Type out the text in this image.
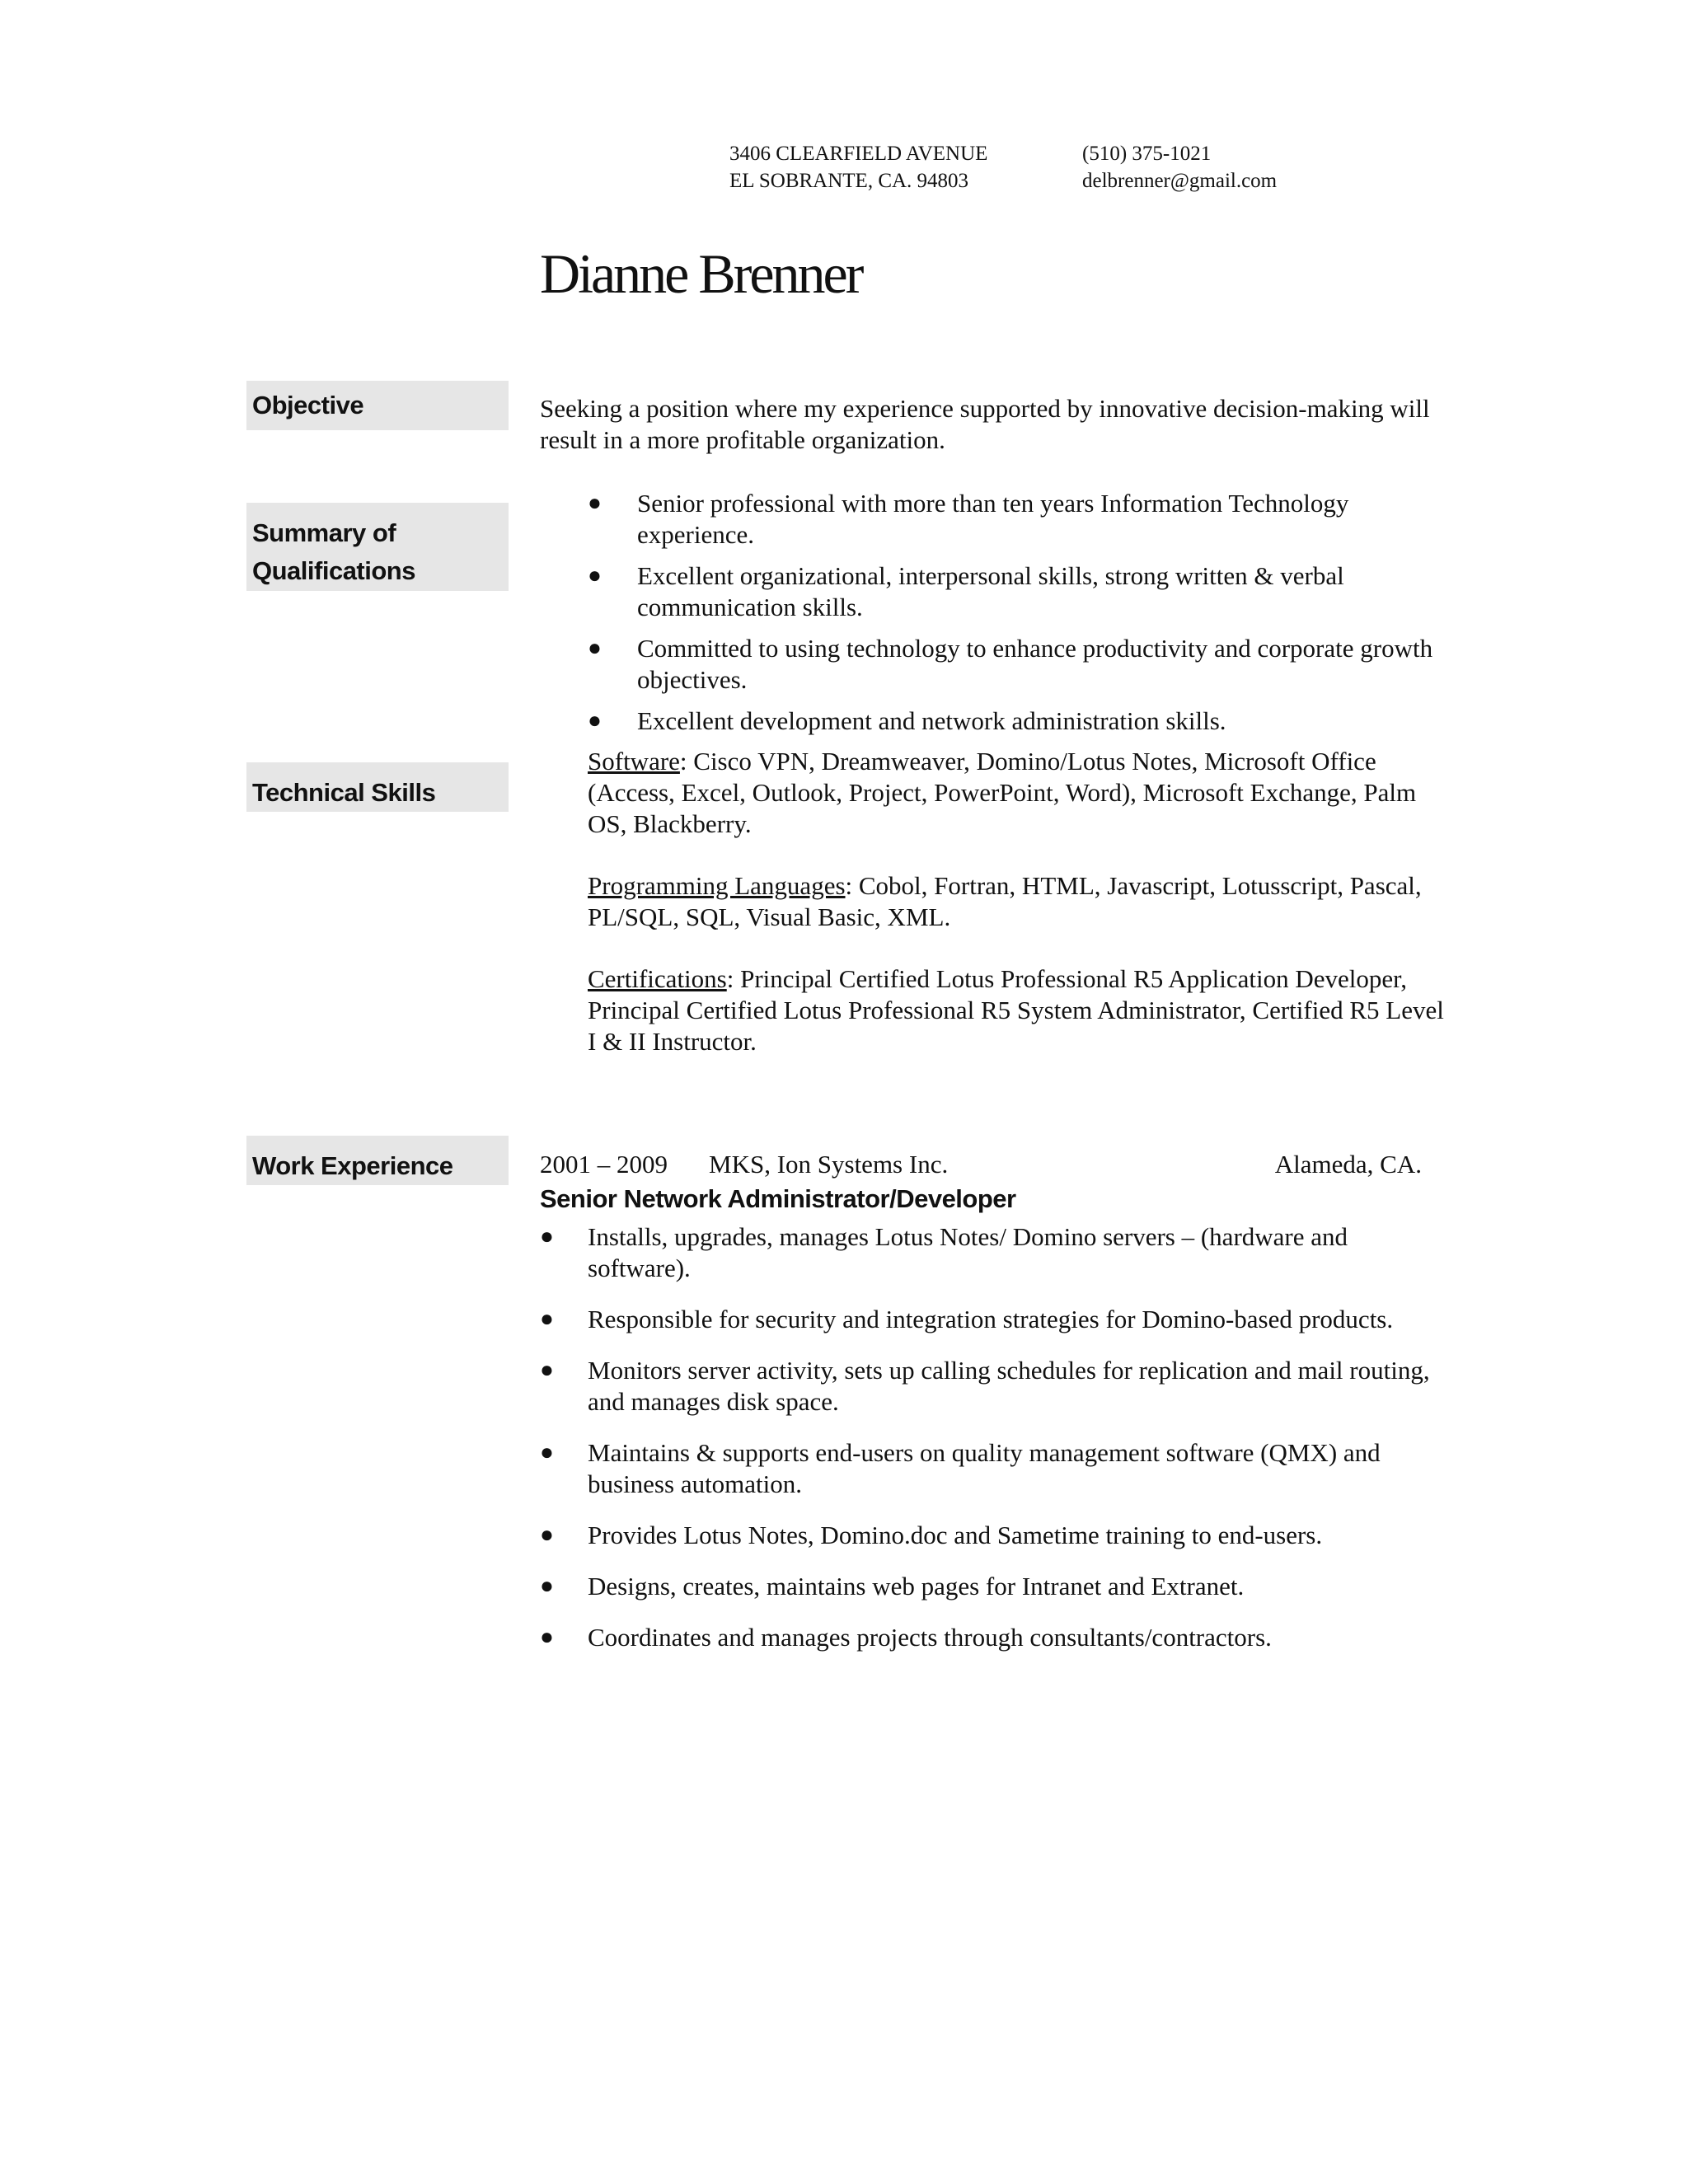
3406 CLEARFIELD AVENUE
EL SOBRANTE, CA. 94803
(510) 375-1021
delbrenner@gmail.com
Dianne Brenner
Objective
Summary of
Qualifications
Technical Skills
Work Experience
Seeking a position where my experience supported by innovative decision-making will result in a more profitable organization.
● Senior professional with more than ten years Information Technology experience.
● Excellent organizational, interpersonal skills, strong written & verbal communication skills.
● Committed to using technology to enhance productivity and corporate growth objectives.
● Excellent development and network administration skills.

Software: Cisco VPN, Dreamweaver, Domino/Lotus Notes, Microsoft Office (Access, Excel, Outlook, Project, PowerPoint, Word), Microsoft Exchange, Palm OS, Blackberry.

Programming Languages: Cobol, Fortran, HTML, Javascript, Lotusscript, Pascal, PL/SQL, SQL, Visual Basic, XML.

Certifications: Principal Certified Lotus Professional R5 Application Developer, Principal Certified Lotus Professional R5 System Administrator, Certified R5 Level I & II Instructor.

2001 – 2009 MKS, Ion Systems Inc.	Alameda, CA.
Senior Network Administrator/Developer
● Installs, upgrades, manages Lotus Notes/ Domino servers – (hardware and software).
● Responsible for security and integration strategies for Domino-based products.
● Monitors server activity, sets up calling schedules for replication and mail routing, and manages disk space.
● Maintains & supports end-users on quality management software (QMX) and business automation.
● Provides Lotus Notes, Domino.doc and Sametime training to end-users.
● Designs, creates, maintains web pages for Intranet and Extranet.
● Coordinates and manages projects through consultants/contractors.
